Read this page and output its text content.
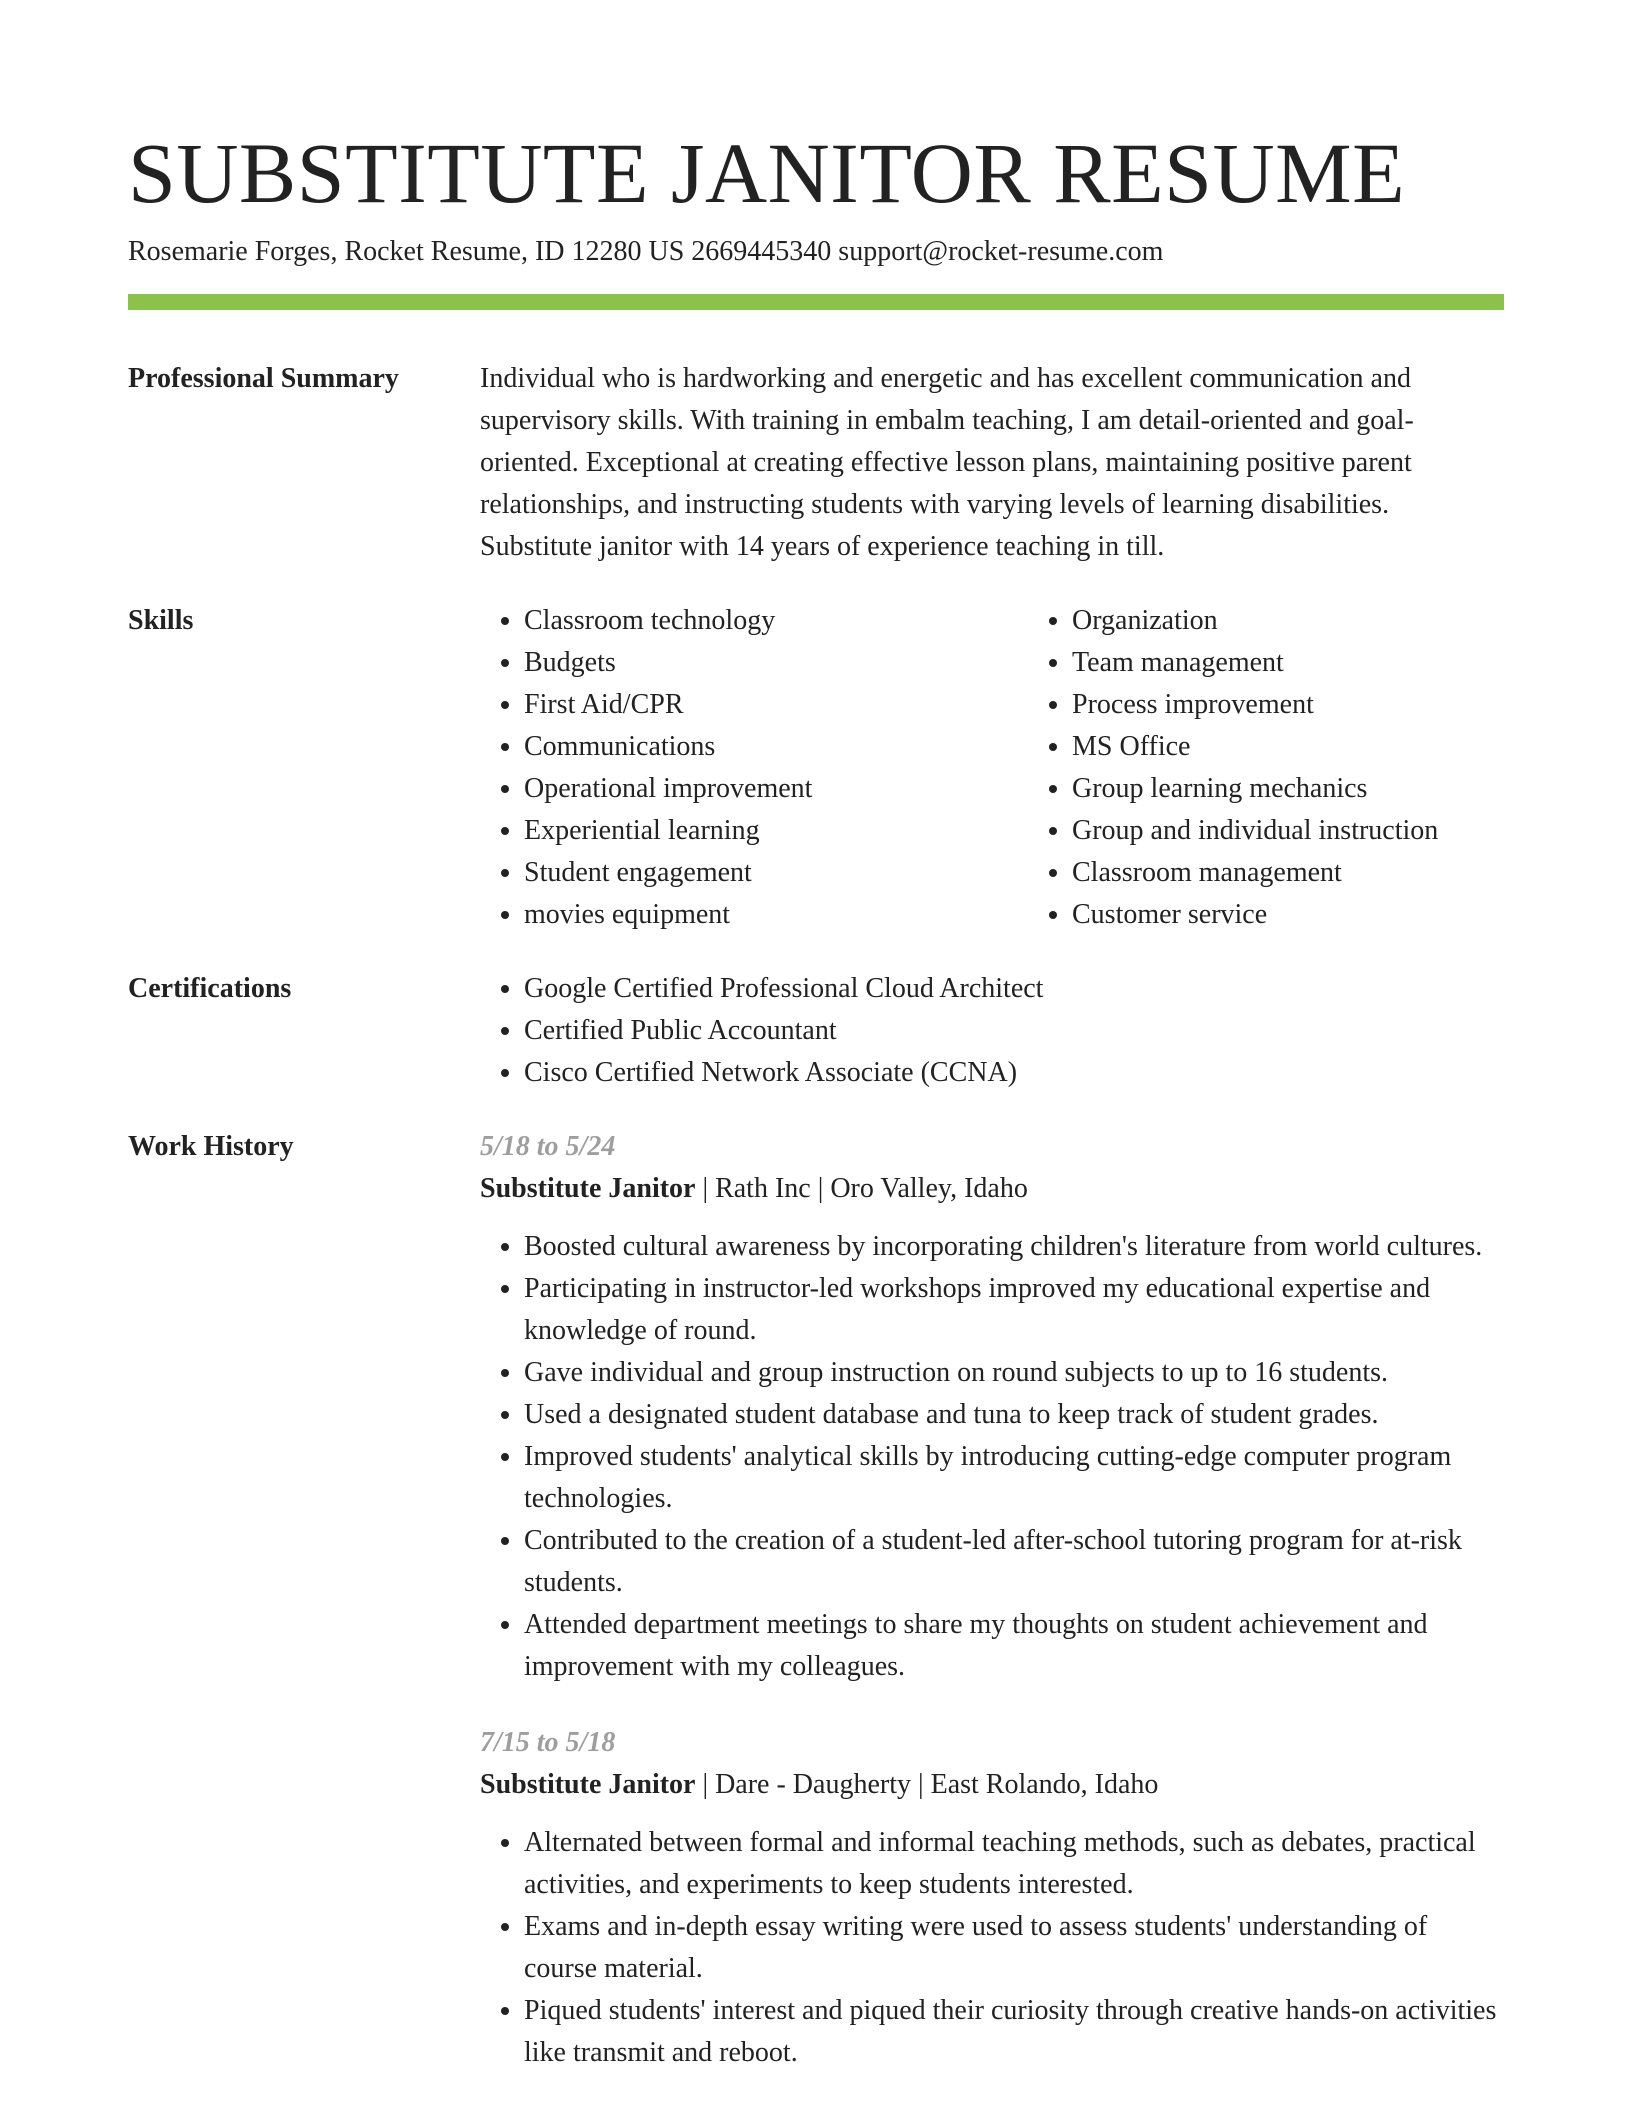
SUBSTITUTE JANITOR RESUME
Rosemarie Forges, Rocket Resume, ID 12280 US 2669445340 support@rocket-resume.com
Professional Summary	Individual who is hardworking and energetic and has excellent communication and supervisory skills. With training in embalm teaching, I am detail-oriented and goal-oriented. Exceptional at creating effective lesson plans, maintaining positive parent relationships, and instructing students with varying levels of learning disabilities. Substitute janitor with 14 years of experience teaching in till.

Skills	• Classroom technology
• Budgets
• First Aid/CPR
• Communications
• Operational improvement
• Experiential learning
• Student engagement
• movies equipment
• Organization
• Team management
• Process improvement
• MS Office
• Group learning mechanics
• Group and individual instruction
• Classroom management
• Customer service
Certifications	• Google Certified Professional Cloud Architect
• Certified Public Accountant
• Cisco Certified Network Associate (CCNA)
Work History	5/18 to 5/24
Substitute Janitor | Rath Inc | Oro Valley, Idaho
• Boosted cultural awareness by incorporating children's literature from world cultures.
• Participating in instructor-led workshops improved my educational expertise and knowledge of round.
• Gave individual and group instruction on round subjects to up to 16 students.
• Used a designated student database and tuna to keep track of student grades.
• Improved students' analytical skills by introducing cutting-edge computer program technologies.
• Contributed to the creation of a student-led after-school tutoring program for at-risk students.
• Attended department meetings to share my thoughts on student achievement and improvement with my colleagues.
7/15 to 5/18
Substitute Janitor | Dare - Daugherty | East Rolando, Idaho
• Alternated between formal and informal teaching methods, such as debates, practical activities, and experiments to keep students interested.
• Exams and in-depth essay writing were used to assess students' understanding of course material.
• Piqued students' interest and piqued their curiosity through creative hands-on activities like transmit and reboot.
